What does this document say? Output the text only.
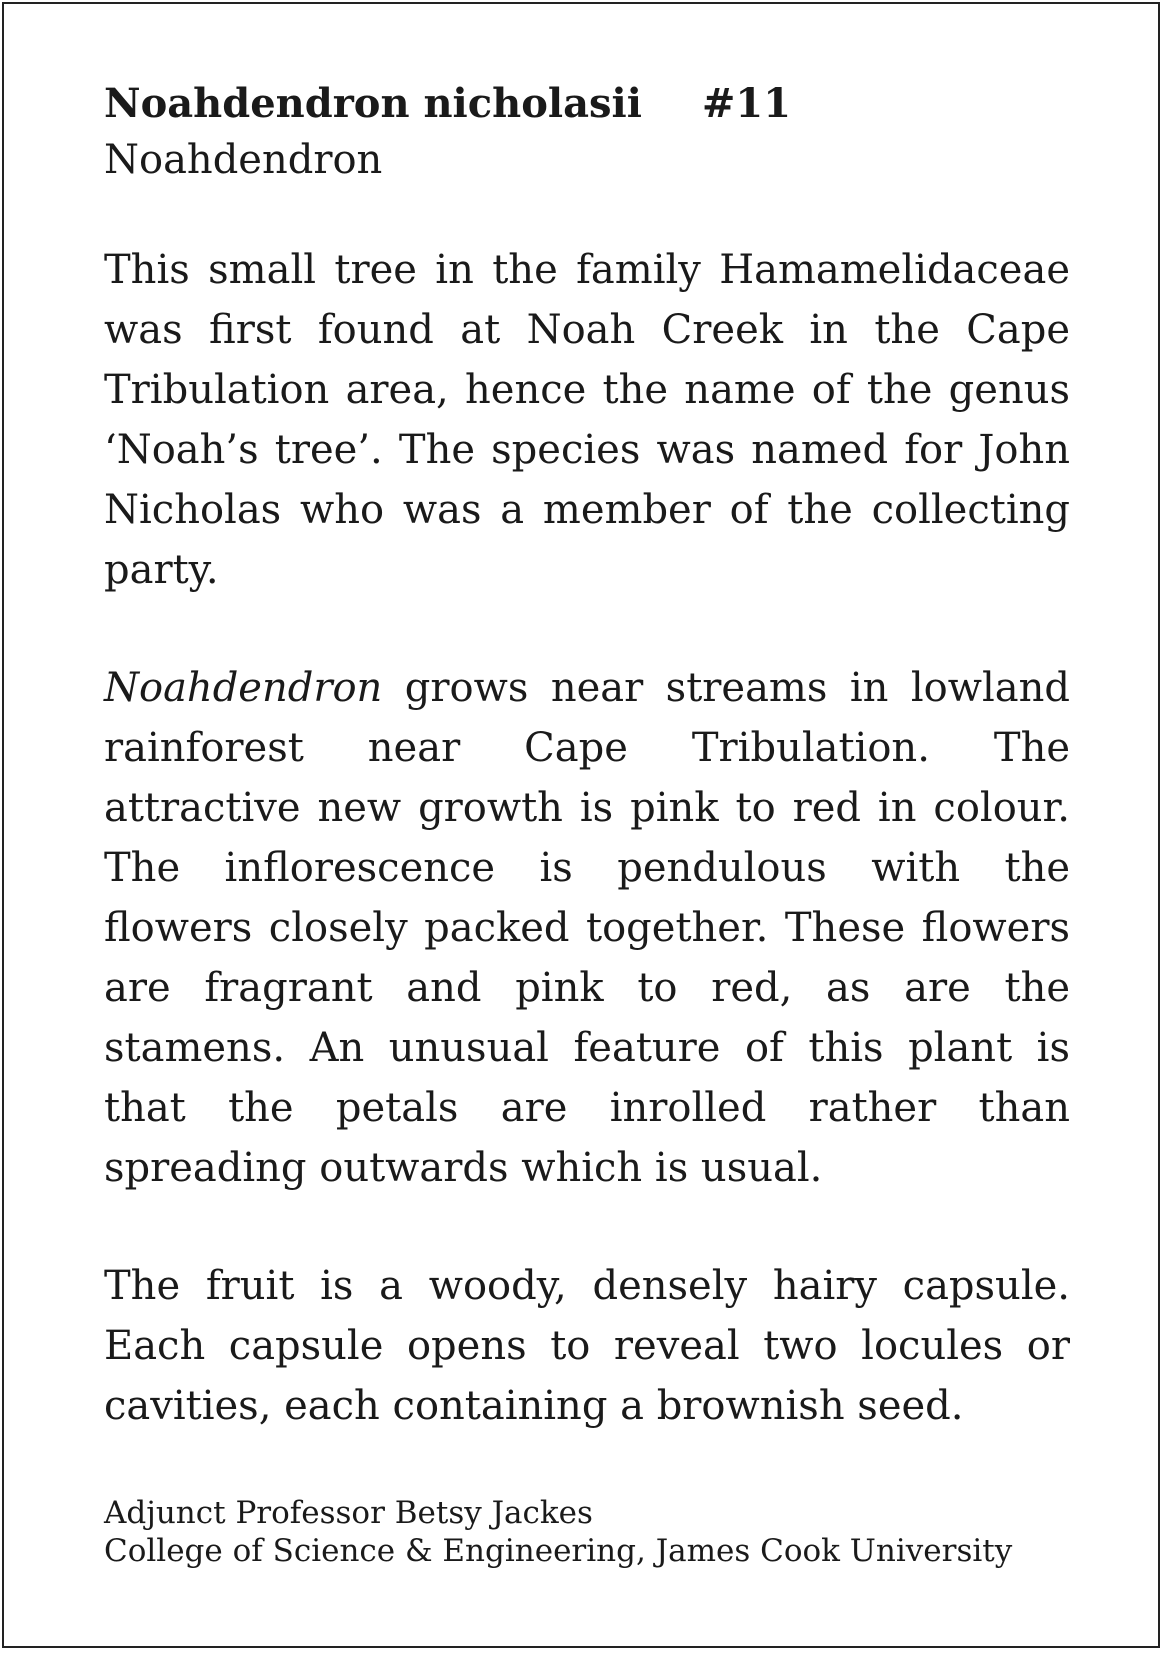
Noahdendron nicholasii #11

Noahdendron

This small tree in the family Hamamelidaceae was first found at Noah Creek in the Cape Tribulation area, hence the name of the genus ‘Noah’s tree’. The species was named for John Nicholas who was a member of the collecting party.

Noahdendron grows near streams in lowland rainforest near Cape Tribulation. The attractive new growth is pink to red in colour. The inflorescence is pendulous with the flowers closely packed together. These flowers are fragrant and pink to red, as are the stamens. An unusual feature of this plant is that the petals are inrolled rather than spreading outwards which is usual.

The fruit is a woody, densely hairy capsule. Each capsule opens to reveal two locules or cavities, each containing a brownish seed.

Adjunct Professor Betsy Jackes
College of Science & Engineering, James Cook University
